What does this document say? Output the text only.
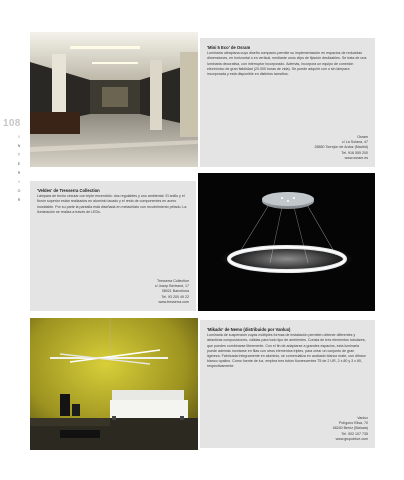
108
I
N
T
E
R
I
O
R
'Mini 5 Eco' de Osram

Luminaria ultraplana cuyo diseño compacto permite su implementación en espacios de reducidas dimensiones, en horizontal o en vertical, mediante unos clips de fijación deslizables. Se trata de una luminaria decorativa, con interruptor incorporado. Además, incorpora un equipo de conexión electrónico de gran fiabilidad (20.000 horas de vida). Se puede adquirir con o sin lámpara incorporada y está disponible en distintos tamaños.

Osram
c/ La Solana, 47
28850 Torrejón de Ardoz (Madrid)
Tel. 916 555 200
www.osram.es
'Veldes' de Tresserra Collection

Lámpara de techo circular con triple encendido: dos regulables y uno ambiental. El anillo y el florón superior están realizados en aluminio lacado y el resto de componentes en acero inoxidable. Por su parte la pantalla está diseñada en metacrilato con recubrimiento pélado. La iluminación se realiza a través de LEDs.

Tresserra Collection
c/ Josep Bertrand, 17
08021 Barcelona
Tel. 93 200 49 22
www.tresserra.com
'Mikado' de Nemo (distribuido por Vanlux)

Luminaria de suspensión cuyas múltiples formas de instalación permiten obtener diferentes y atractivas composiciones, válidas para todo tipo de ambientes. Consta de tres elementos tubulares, que pueden combinarse libremente. Con el fin de adaptarse a grandes espacios, esta luminaria puede además montarse en filas con otros elementos triples, para crear un conjunto de gran ligereza. Fabricada íntegramente en aluminio, se comercializa en acabado blanco mate, con difusor blanco opalino. Como fuente de luz, emplea tres tubos fluorescentes T5 de 2 UR, 2 x 80 y 3 x 80, respectivamente.

Vanlux
Polígono Elisa, 70
48240 Berriz (Bizkaia)
Tel. 902 107 735
www.grupoblue.com
